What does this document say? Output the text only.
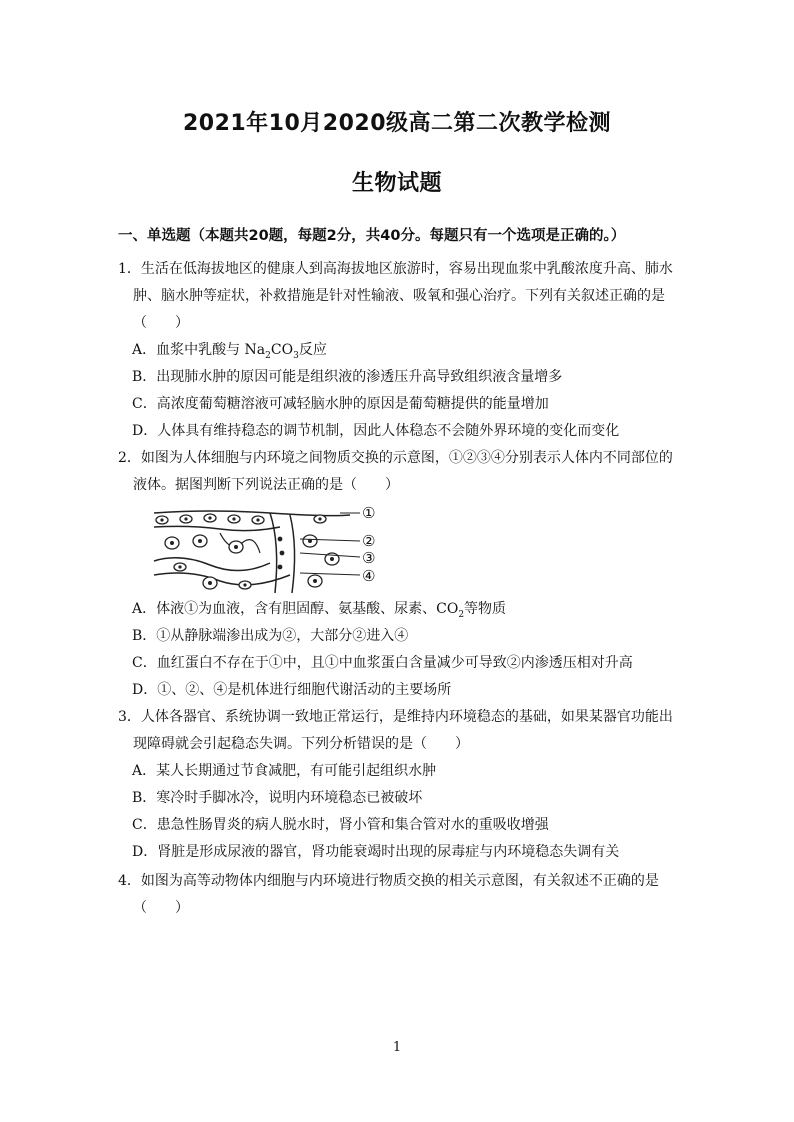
2021年10月2020级高二第二次教学检测
生物试题
一、单选题（本题共20题，每题2分，共40分。每题只有一个选项是正确的。）
1．生活在低海拔地区的健康人到高海拔地区旅游时，容易出现血浆中乳酸浓度升高、肺水
肿、脑水肿等症状，补救措施是针对性输液、吸氧和强心治疗。下列有关叙述正确的是
（　　）
A．血浆中乳酸与 $Na_2CO_3$反应
B．出现肺水肿的原因可能是组织液的渗透压升高导致组织液含量增多
C．高浓度葡萄糖溶液可减轻脑水肿的原因是葡萄糖提供的能量增加
D．人体具有维持稳态的调节机制，因此人体稳态不会随外界环境的变化而变化
2．如图为人体细胞与内环境之间物质交换的示意图，①②③④分别表示人体内不同部位的
液体。据图判断下列说法正确的是（　　）
①
②
③
④
A．体液①为血液，含有胆固醇、氨基酸、尿素、$CO_2$等物质
B．①从静脉端渗出成为②，大部分②进入④
C．血红蛋白不存在于①中，且①中血浆蛋白含量减少可导致②内渗透压相对升高
D．①、②、④是机体进行细胞代谢活动的主要场所
3．人体各器官、系统协调一致地正常运行，是维持内环境稳态的基础，如果某器官功能出
现障碍就会引起稳态失调。下列分析错误的是（　　）
A．某人长期通过节食减肥，有可能引起组织水肿
B．寒冷时手脚冰冷，说明内环境稳态已被破坏
C．患急性肠胃炎的病人脱水时，肾小管和集合管对水的重吸收增强
D．肾脏是形成尿液的器官，肾功能衰竭时出现的尿毒症与内环境稳态失调有关
4．如图为高等动物体内细胞与内环境进行物质交换的相关示意图，有关叙述不正确的是
（　　）
1
